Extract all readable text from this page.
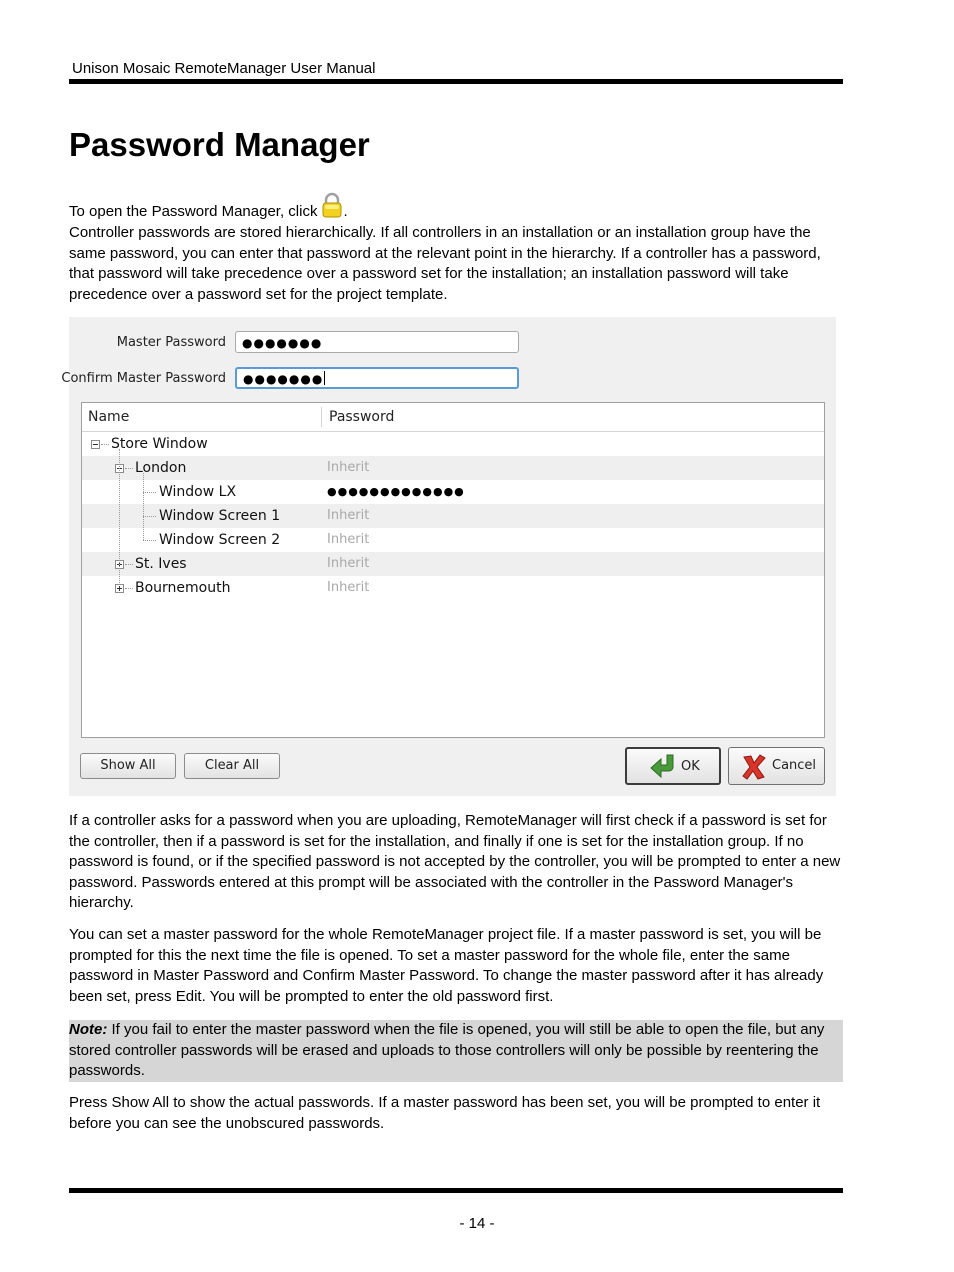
Unison Mosaic RemoteManager User Manual
Password Manager

To open the Password Manager, click .

Controller passwords are stored hierarchically. If all controllers in an installation or an installation group have the same password, you can enter that password at the relevant point in the hierarchy. If a controller has a password, that password will take precedence over a password set for the installation; an installation password will take precedence over a password set for the project template.

Master Password	●●●●●●●
Confirm Master Password	●●●●●●●
Name	Password
Store Window
London	Inherit
Window LX	●●●●●●●●●●●●●
Window Screen 1	Inherit
Window Screen 2	Inherit
St. Ives	Inherit
Bournemouth	Inherit
Show All	Clear All	OK	Cancel

If a controller asks for a password when you are uploading, RemoteManager will first check if a password is set for the controller, then if a password is set for the installation, and finally if one is set for the installation group. If no password is found, or if the specified password is not accepted by the controller, you will be prompted to enter a new password. Passwords entered at this prompt will be associated with the controller in the Password Manager's hierarchy.

You can set a master password for the whole RemoteManager project file. If a master password is set, you will be prompted for this the next time the file is opened. To set a master password for the whole file, enter the same password in Master Password and Confirm Master Password. To change the master password after it has already been set, press Edit. You will be prompted to enter the old password first.

Note: If you fail to enter the master password when the file is opened, you will still be able to open the file, but any stored controller passwords will be erased and uploads to those controllers will only be possible by reentering the passwords.

Press Show All to show the actual passwords. If a master password has been set, you will be prompted to enter it before you can see the unobscured passwords.

- 14 -
